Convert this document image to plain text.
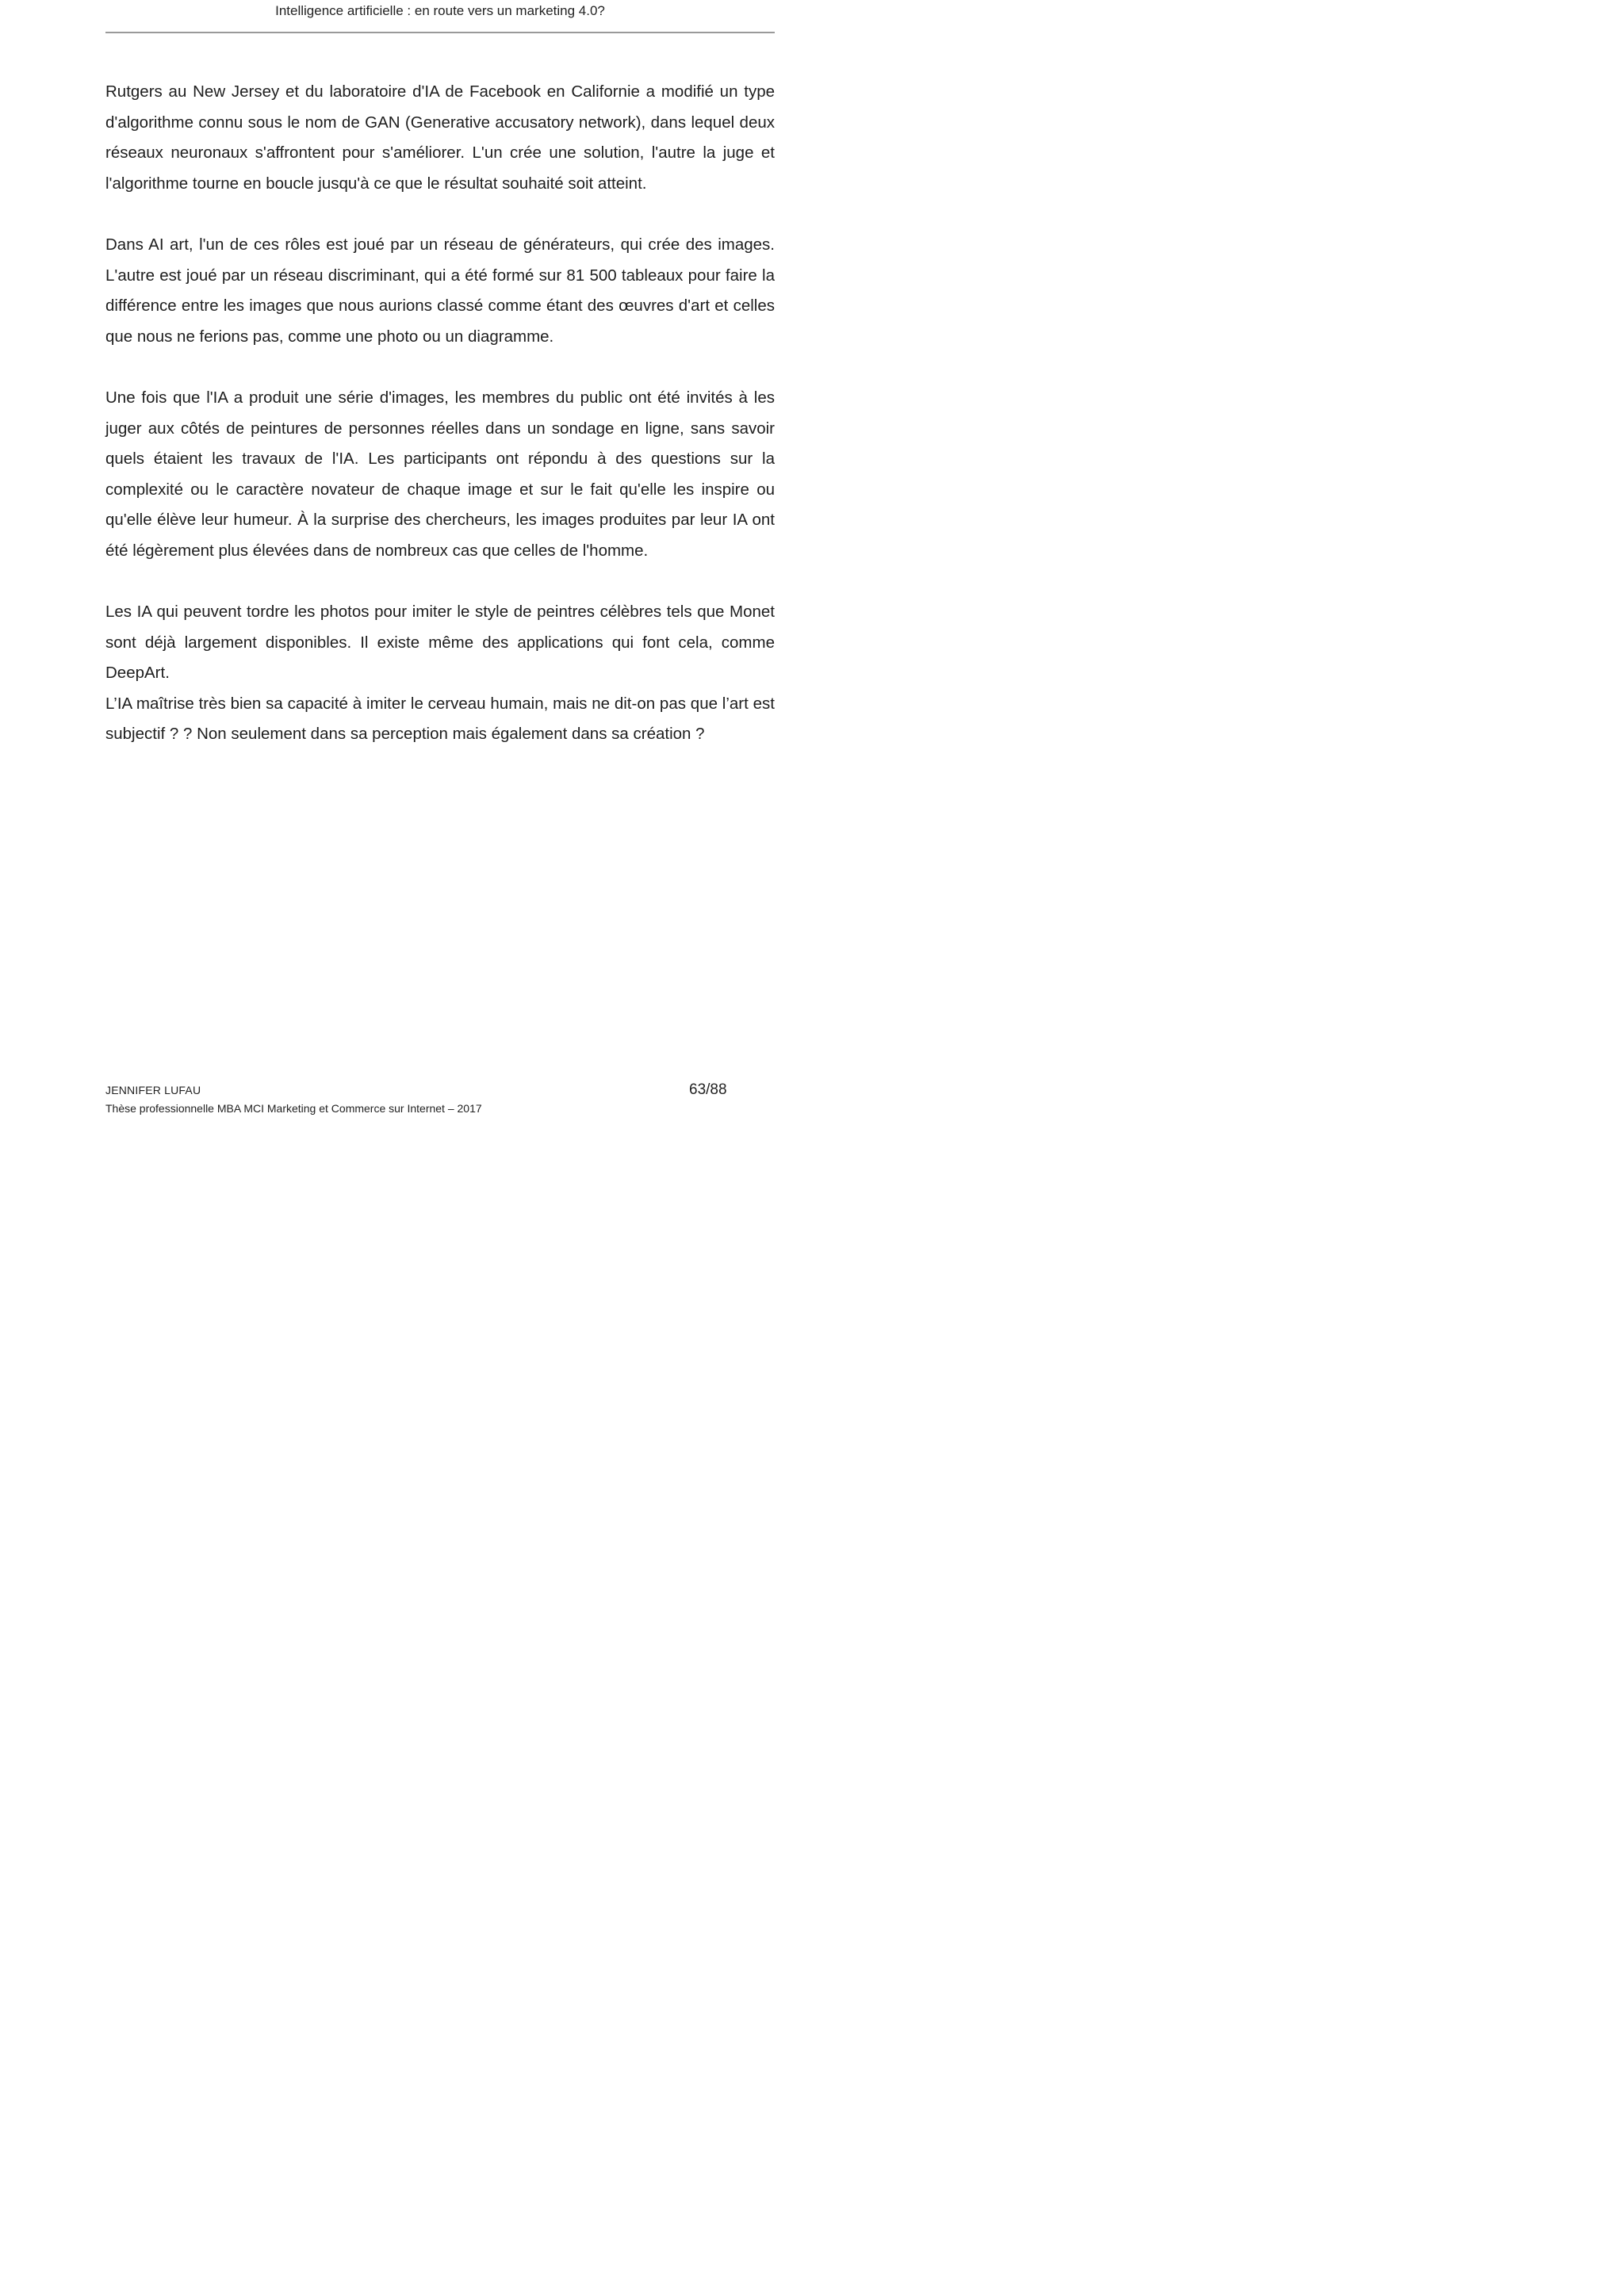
Intelligence artificielle : en route vers un marketing 4.0?

Rutgers au New Jersey et du laboratoire d'IA de Facebook en Californie a modifié un type d'algorithme connu sous le nom de GAN (Generative accusatory network), dans lequel deux réseaux neuronaux s'affrontent pour s'améliorer. L'un crée une solution, l'autre la juge et l'algorithme tourne en boucle jusqu'à ce que le résultat souhaité soit atteint.

Dans AI art, l'un de ces rôles est joué par un réseau de générateurs, qui crée des images. L'autre est joué par un réseau discriminant, qui a été formé sur 81 500 tableaux pour faire la différence entre les images que nous aurions classé comme étant des œuvres d'art et celles que nous ne ferions pas, comme une photo ou un diagramme.

Une fois que l'IA a produit une série d'images, les membres du public ont été invités à les juger aux côtés de peintures de personnes réelles dans un sondage en ligne, sans savoir quels étaient les travaux de l'IA. Les participants ont répondu à des questions sur la complexité ou le caractère novateur de chaque image et sur le fait qu'elle les inspire ou qu'elle élève leur humeur. À la surprise des chercheurs, les images produites par leur IA ont été légèrement plus élevées dans de nombreux cas que celles de l'homme.

Les IA qui peuvent tordre les photos pour imiter le style de peintres célèbres tels que Monet sont déjà largement disponibles. Il existe même des applications qui font cela, comme DeepArt.

L’IA maîtrise très bien sa capacité à imiter le cerveau humain, mais ne dit-on pas que l’art est subjectif ? ? Non seulement dans sa perception mais également dans sa création ?

JENNIFER LUFAU	63/88
Thèse professionnelle MBA MCI Marketing et Commerce sur Internet – 2017
